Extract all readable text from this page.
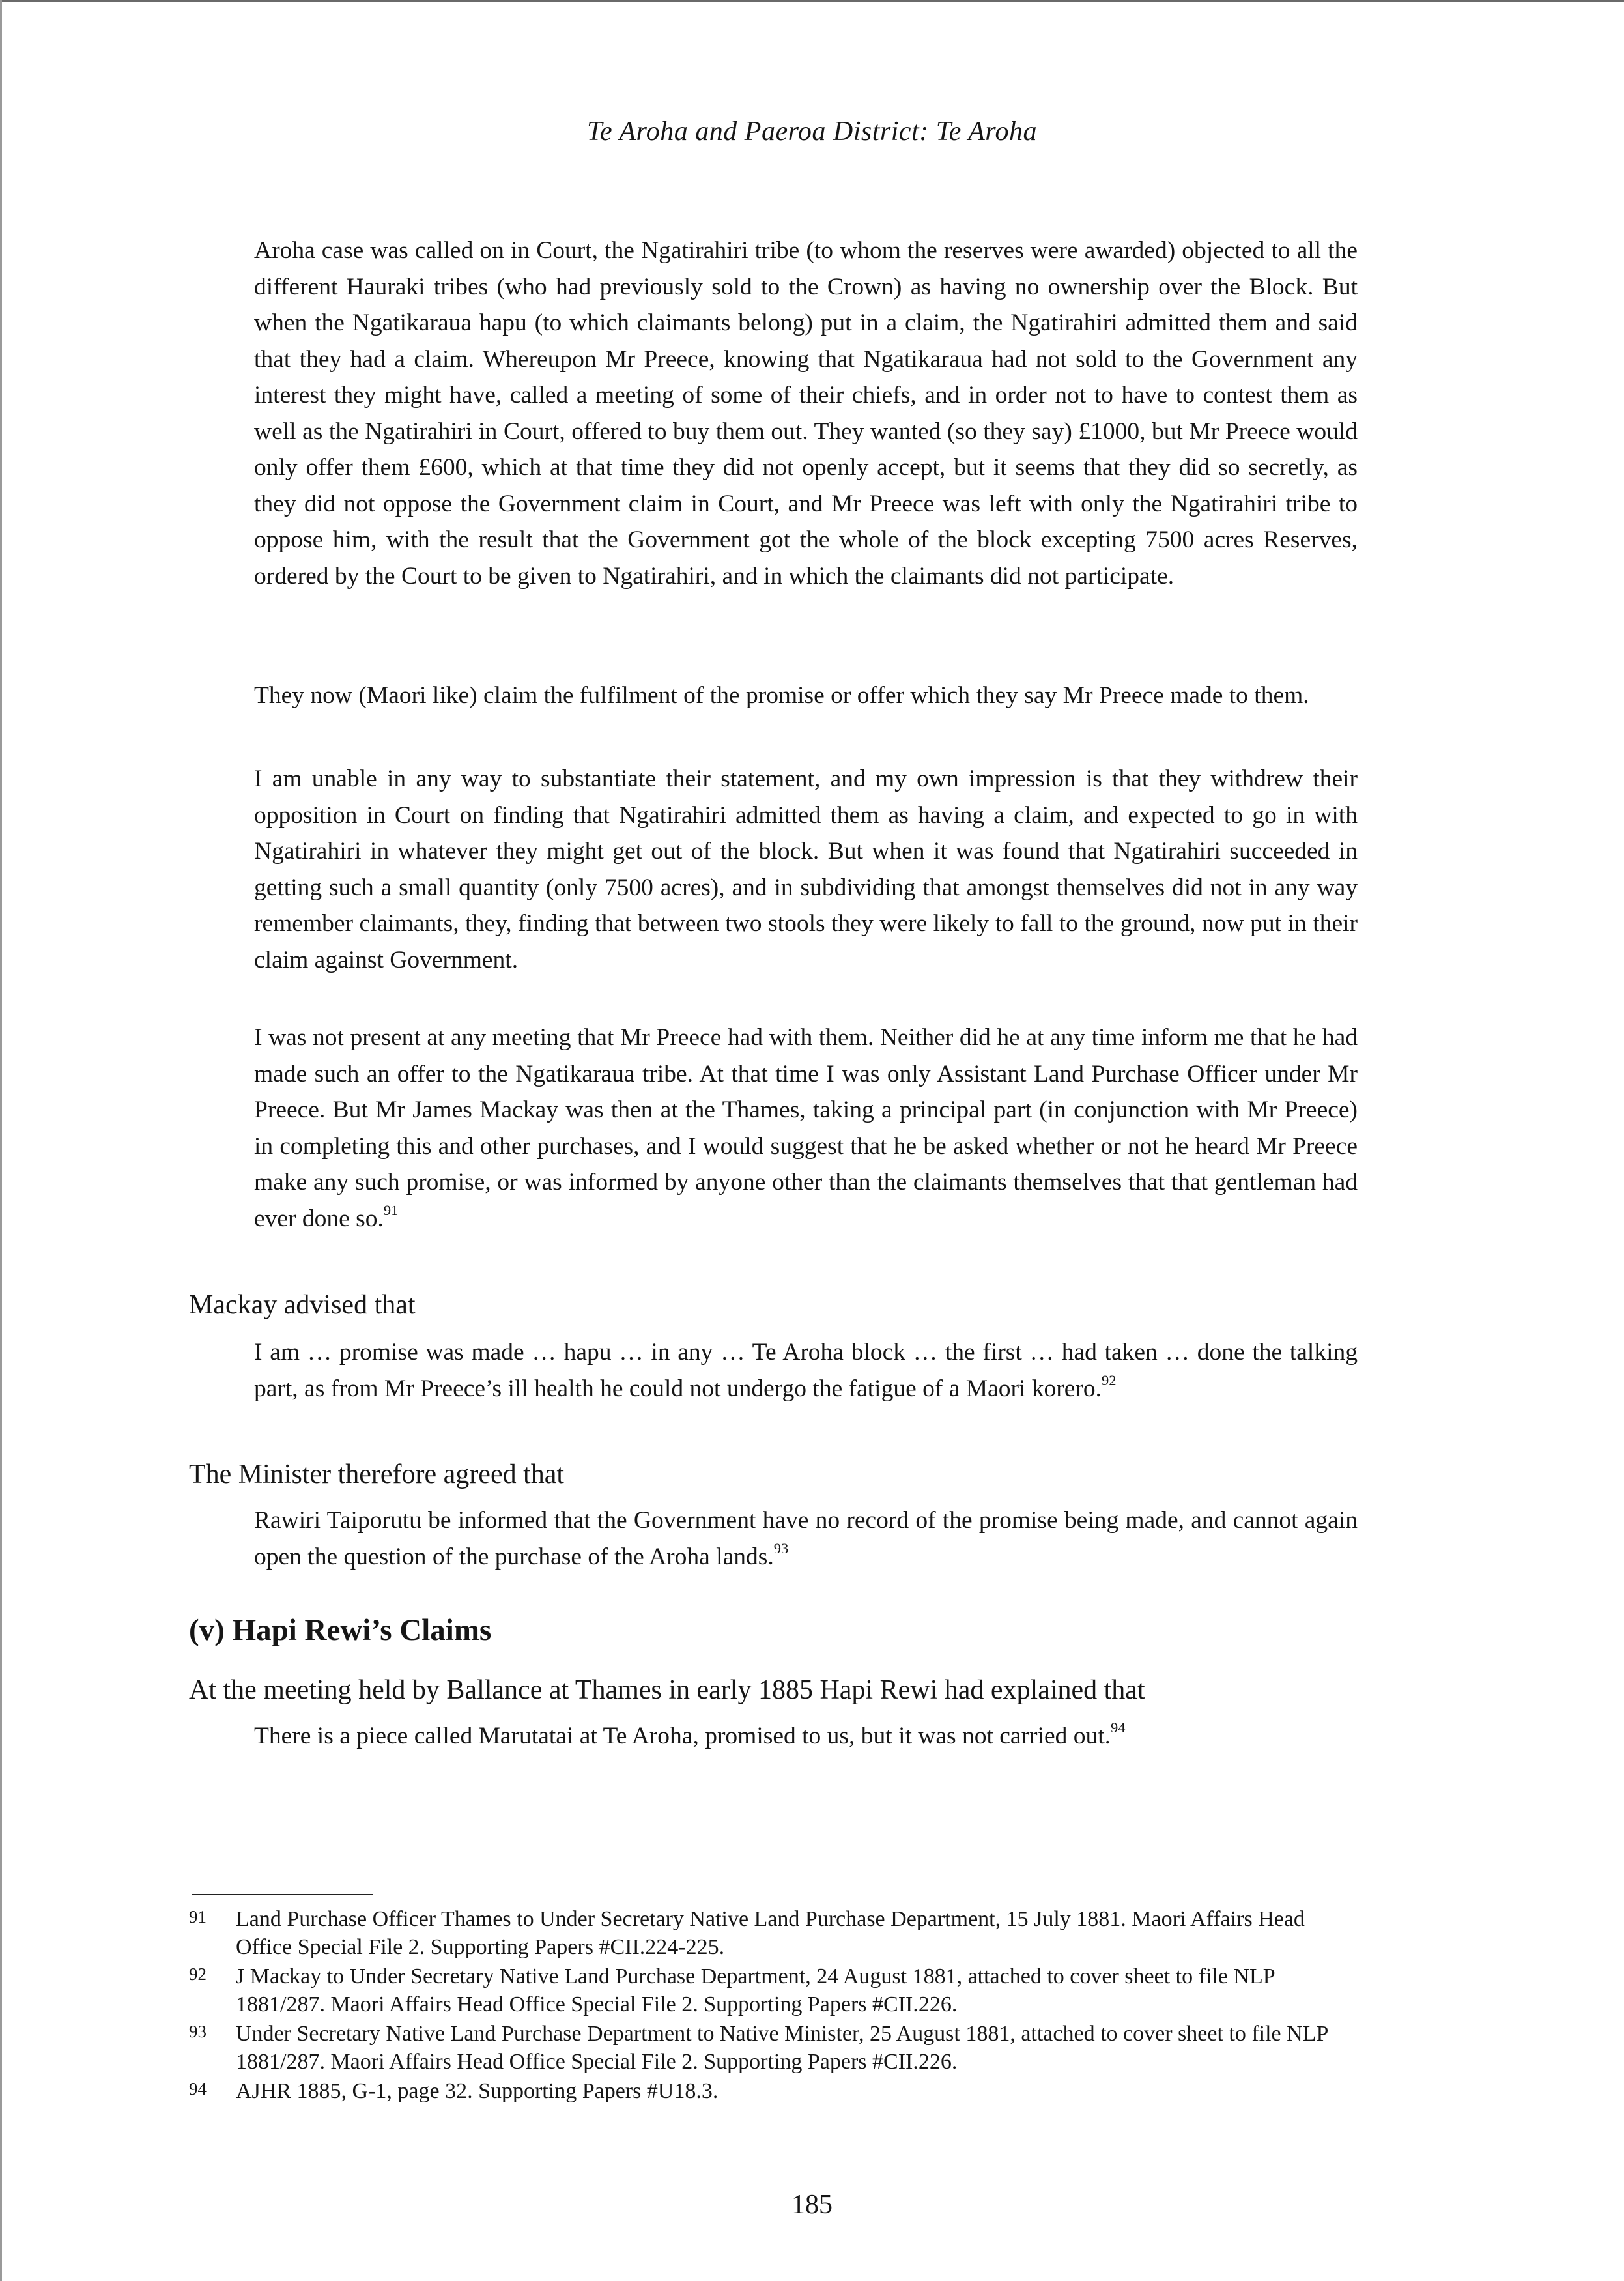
Te Aroha and Paeroa District: Te Aroha

Aroha case was called on in Court, the Ngatirahiri tribe (to whom the reserves were awarded) objected to all the different Hauraki tribes (who had previously sold to the Crown) as having no ownership over the Block. But when the Ngatikaraua hapu (to which claimants belong) put in a claim, the Ngatirahiri admitted them and said that they had a claim. Whereupon Mr Preece, knowing that Ngatikaraua had not sold to the Government any interest they might have, called a meeting of some of their chiefs, and in order not to have to contest them as well as the Ngatirahiri in Court, offered to buy them out. They wanted (so they say) £1000, but Mr Preece would only offer them £600, which at that time they did not openly accept, but it seems that they did so secretly, as they did not oppose the Government claim in Court, and Mr Preece was left with only the Ngatirahiri tribe to oppose him, with the result that the Government got the whole of the block excepting 7500 acres Reserves, ordered by the Court to be given to Ngatirahiri, and in which the claimants did not participate.

They now (Maori like) claim the fulfilment of the promise or offer which they say Mr Preece made to them.

I am unable in any way to substantiate their statement, and my own impression is that they withdrew their opposition in Court on finding that Ngatirahiri admitted them as having a claim, and expected to go in with Ngatirahiri in whatever they might get out of the block. But when it was found that Ngatirahiri succeeded in getting such a small quantity (only 7500 acres), and in subdividing that amongst themselves did not in any way remember claimants, they, finding that between two stools they were likely to fall to the ground, now put in their claim against Government.

I was not present at any meeting that Mr Preece had with them. Neither did he at any time inform me that he had made such an offer to the Ngatikaraua tribe. At that time I was only Assistant Land Purchase Officer under Mr Preece. But Mr James Mackay was then at the Thames, taking a principal part (in conjunction with Mr Preece) in completing this and other purchases, and I would suggest that he be asked whether or not he heard Mr Preece make any such promise, or was informed by anyone other than the claimants themselves that that gentleman had ever done so.$^{91}$

Mackay advised that

I am … promise was made … hapu … in any … Te Aroha block … the first … had taken … done the talking part, as from Mr Preece’s ill health he could not undergo the fatigue of a Maori korero.$^{92}$

The Minister therefore agreed that

Rawiri Taiporutu be informed that the Government have no record of the promise being made, and cannot again open the question of the purchase of the Aroha lands.$^{93}$

(v) Hapi Rewi’s Claims

At the meeting held by Ballance at Thames in early 1885 Hapi Rewi had explained that

There is a piece called Marutatai at Te Aroha, promised to us, but it was not carried out.$^{94}$

91	Land Purchase Officer Thames to Under Secretary Native Land Purchase Department, 15 July 1881. Maori Affairs Head Office Special File 2. Supporting Papers #CII.224-225.
92	J Mackay to Under Secretary Native Land Purchase Department, 24 August 1881, attached to cover sheet to file NLP 1881/287. Maori Affairs Head Office Special File 2. Supporting Papers #CII.226.
93	Under Secretary Native Land Purchase Department to Native Minister, 25 August 1881, attached to cover sheet to file NLP 1881/287. Maori Affairs Head Office Special File 2. Supporting Papers #CII.226.
94	AJHR 1885, G-1, page 32. Supporting Papers #U18.3.
185
